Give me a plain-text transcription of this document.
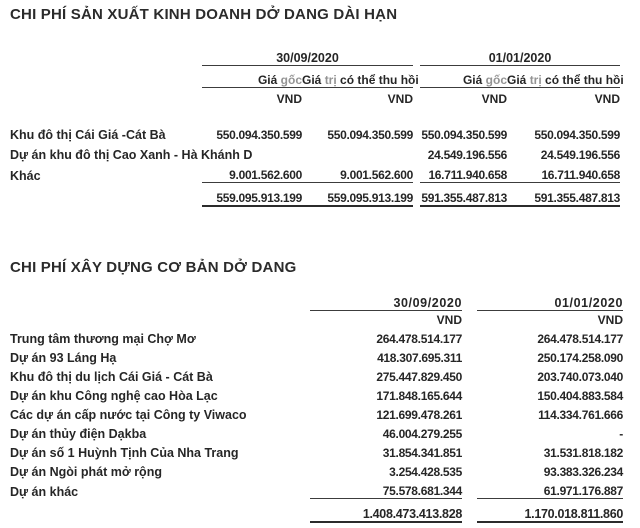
CHI PHÍ SẢN XUẤT KINH DOANH DỞ DANG DÀI HẠN
	30/09/2020			01/01/2020	
	Giá gốc	Giá trị có thể thu hồi		Giá gốc	Giá trị có thể thu hồi
	VND	VND		VND	VND

Khu đô thị Cái Giá -Cát Bà	550.094.350.599	550.094.350.599		550.094.350.599	550.094.350.599
Dự án khu đô thị Cao Xanh - Hà Khánh D				24.549.196.556	24.549.196.556
Khác	9.001.562.600	9.001.562.600		16.711.940.658	16.711.940.658
	559.095.913.199	559.095.913.199		591.355.487.813	591.355.487.813
CHI PHÍ XÂY DỰNG CƠ BẢN DỞ DANG
	30/09/2020		01/01/2020
	VND		VND
Trung tâm thương mại Chợ Mơ	264.478.514.177		264.478.514.177
Dự án 93 Láng Hạ	418.307.695.311		250.174.258.090
Khu đô thị du lịch Cái Giá - Cát Bà	275.447.829.450		203.740.073.040
Dự án khu Công nghệ cao Hòa Lạc	171.848.165.644		150.404.883.584
Các dự án cấp nước tại Công ty Viwaco	121.699.478.261		114.334.761.666
Dự án thủy điện Dạkba	46.004.279.255		-
Dự án số 1 Huỳnh Tịnh Của Nha Trang	31.854.341.851		31.531.818.182
Dự án Ngòi phát mở rộng	3.254.428.535		93.383.326.234
Dự án khác	75.578.681.344		61.971.176.887
	1.408.473.413.828		1.170.018.811.860
